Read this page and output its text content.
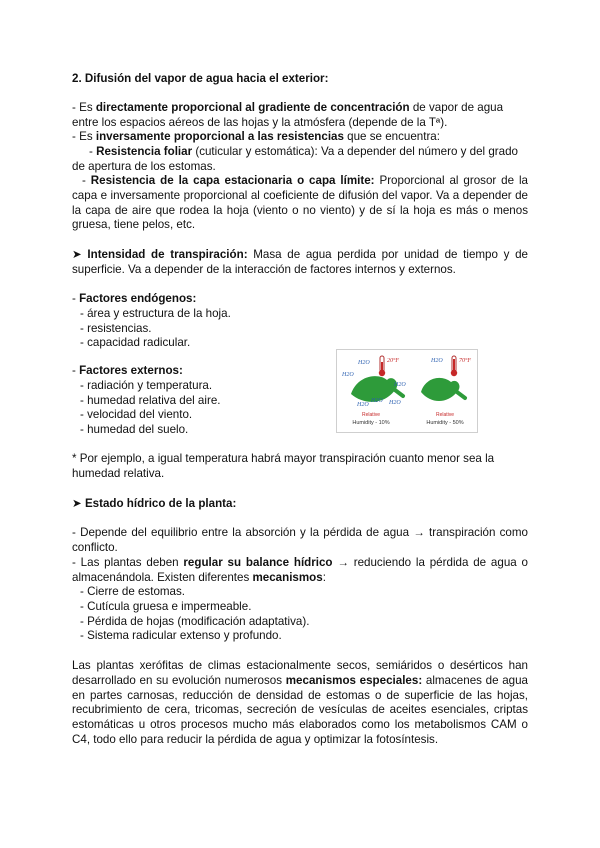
2. Difusión del vapor de agua hacia el exterior:
- Es directamente proporcional al gradiente de concentración de vapor de agua entre los espacios aéreos de las hojas y la atmósfera (depende de la Tª).
- Es inversamente proporcional a las resistencias que se encuentra:
- Resistencia foliar (cuticular y estomática): Va a depender del número y del grado de apertura de los estomas.
- Resistencia de la capa estacionaria o capa límite: Proporcional al grosor de la capa e inversamente proporcional al coeficiente de difusión del vapor. Va a depender de la capa de aire que rodea la hoja (viento o no viento) y de sí la hoja es más o menos gruesa, tiene pelos, etc.
➤ Intensidad de transpiración: Masa de agua perdida por unidad de tiempo y de superficie. Va a depender de la interacción de factores internos y externos.
- Factores endógenos:
- área y estructura de la hoja.
- resistencias.
- capacidad radicular.
- Factores externos:
- radiación y temperatura.
- humedad relativa del aire.
- velocidad del viento.
- humedad del suelo.
20°F
H2O
H2O
H2O
H2O
H2O H2O
Relative
Humidity - 10%
70°F
H2O
Relative
Humidity - 50%
* Por ejemplo, a igual temperatura habrá mayor transpiración cuanto menor sea la humedad relativa.
➤ Estado hídrico de la planta:
- Depende del equilibrio entre la absorción y la pérdida de agua → transpiración como conflicto.
- Las plantas deben regular su balance hídrico → reduciendo la pérdida de agua o almacenándola. Existen diferentes mecanismos:
- Cierre de estomas.
- Cutícula gruesa e impermeable.
- Pérdida de hojas (modificación adaptativa).
- Sistema radicular extenso y profundo.
Las plantas xerófitas de climas estacionalmente secos, semiáridos o desérticos han desarrollado en su evolución numerosos mecanismos especiales: almacenes de agua en partes carnosas, reducción de densidad de estomas o de superficie de las hojas, recubrimiento de cera, tricomas, secreción de vesículas de aceites esenciales, criptas estomáticas u otros procesos mucho más elaborados como los metabolismos CAM o C4, todo ello para reducir la pérdida de agua y optimizar la fotosíntesis.
